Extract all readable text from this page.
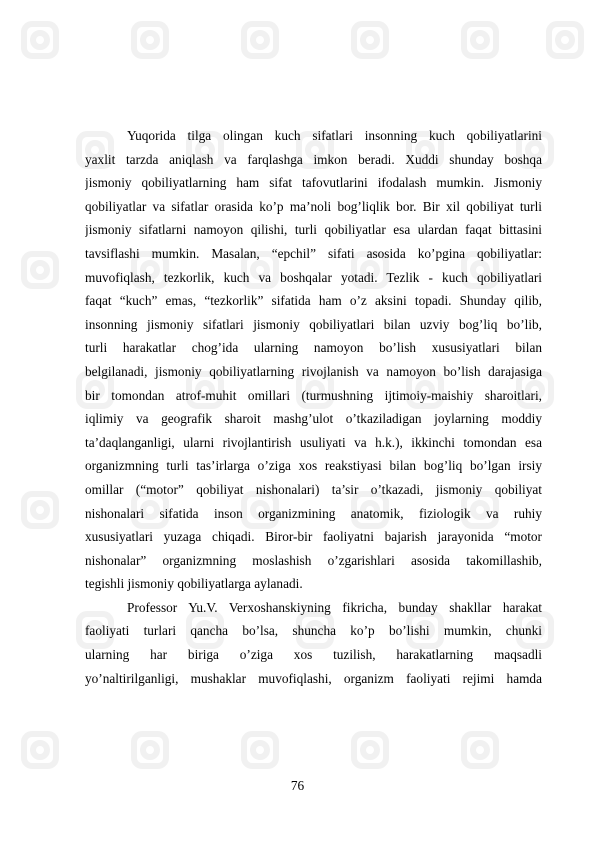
Yuqorida tilga olingan kuch sifatlari insonning kuch qobiliyatlarini
yaxlit tarzda aniqlash va farqlashga imkon beradi. Xuddi shunday boshqa
jismoniy qobiliyatlarning ham sifat tafovutlarini ifodalash mumkin. Jismoniy
qobiliyatlar va sifatlar orasida ko’p ma’noli bog’liqlik bor. Bir xil qobiliyat turli
jismoniy sifatlarni namoyon qilishi, turli qobiliyatlar esa ulardan faqat bittasini
tavsiflashi mumkin. Masalan, “epchil” sifati asosida ko’pgina qobiliyatlar:
muvofiqlash, tezkorlik, kuch va boshqalar yotadi. Tezlik - kuch qobiliyatlari
faqat “kuch” emas, “tezkorlik” sifatida ham o’z aksini topadi. Shunday qilib,
insonning jismoniy sifatlari jismoniy qobiliyatlari bilan uzviy bog’liq bo’lib,
turli harakatlar chog’ida ularning namoyon bo’lish xususiyatlari bilan
belgilanadi, jismoniy qobiliyatlarning rivojlanish va namoyon bo’lish darajasiga
bir tomondan atrof-muhit omillari (turmushning ijtimoiy-maishiy sharoitlari,
iqlimiy va geografik sharoit mashg’ulot o’tkaziladigan joylarning moddiy
ta’daqlanganligi, ularni rivojlantirish usuliyati va h.k.), ikkinchi tomondan esa
organizmning turli tas’irlarga o’ziga xos reakstiyasi bilan bog’liq bo’lgan irsiy
omillar (“motor” qobiliyat nishonalari) ta’sir o’tkazadi, jismoniy qobiliyat
nishonalari sifatida inson organizmining anatomik, fiziologik va ruhiy
xususiyatlari yuzaga chiqadi. Biror-bir faoliyatni bajarish jarayonida “motor
nishonalar” organizmning moslashish o’zgarishlari asosida takomillashib,
tegishli jismoniy qobiliyatlarga aylanadi.
Professor Yu.V. Verxoshanskiyning fikricha, bunday shakllar harakat
faoliyati turlari qancha bo’lsa, shuncha ko’p bo’lishi mumkin, chunki
ularning har biriga o’ziga xos tuzilish, harakatlarning maqsadli
yo’naltirilganligi, mushaklar muvofiqlashi, organizm faoliyati rejimi hamda
76
